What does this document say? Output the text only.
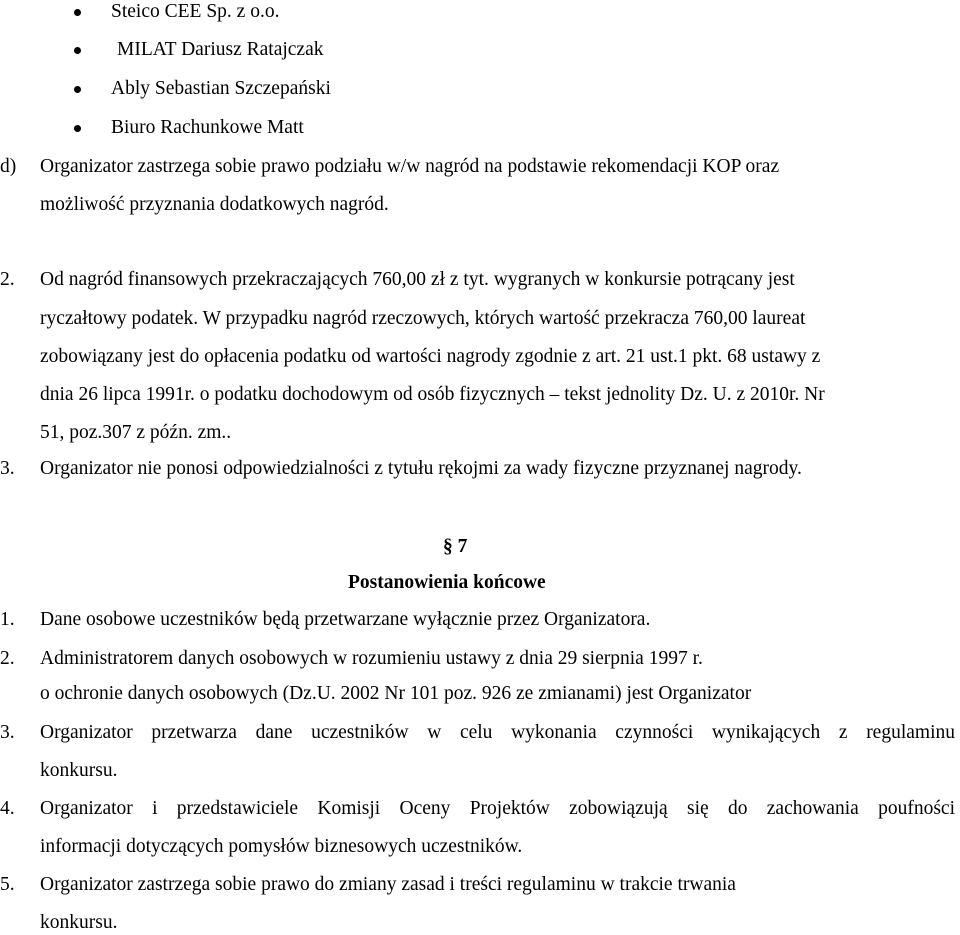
Steico CEE Sp. z o.o.
MILAT Dariusz Ratajczak
Ably Sebastian Szczepański
Biuro Rachunkowe Matt
d) Organizator zastrzega sobie prawo podziału w/w nagród na podstawie rekomendacji KOP oraz
możliwość przyznania dodatkowych nagród.
2. Od nagród finansowych przekraczających 760,00 zł z tyt. wygranych w konkursie potrącany jest
ryczałtowy podatek. W przypadku nagród rzeczowych, których wartość przekracza 760,00 laureat
zobowiązany jest do opłacenia podatku od wartości nagrody zgodnie z art. 21 ust.1 pkt. 68 ustawy z
dnia 26 lipca 1991r. o podatku dochodowym od osób fizycznych – tekst jednolity Dz. U. z 2010r. Nr
51, poz.307 z późn. zm..
3. Organizator nie ponosi odpowiedzialności z tytułu rękojmi za wady fizyczne przyznanej nagrody.
§ 7
Postanowienia końcowe
1. Dane osobowe uczestników będą przetwarzane wyłącznie przez Organizatora.
2. Administratorem danych osobowych w rozumieniu ustawy z dnia 29 sierpnia 1997 r.
o ochronie danych osobowych (Dz.U. 2002 Nr 101 poz. 926 ze zmianami) jest Organizator
3. Organizator przetwarza dane uczestników w celu wykonania czynności wynikających z regulaminu
konkursu.
4. Organizator i przedstawiciele Komisji Oceny Projektów zobowiązują się do zachowania poufności
informacji dotyczących pomysłów biznesowych uczestników.
5. Organizator zastrzega sobie prawo do zmiany zasad i treści regulaminu w trakcie trwania
konkursu.
